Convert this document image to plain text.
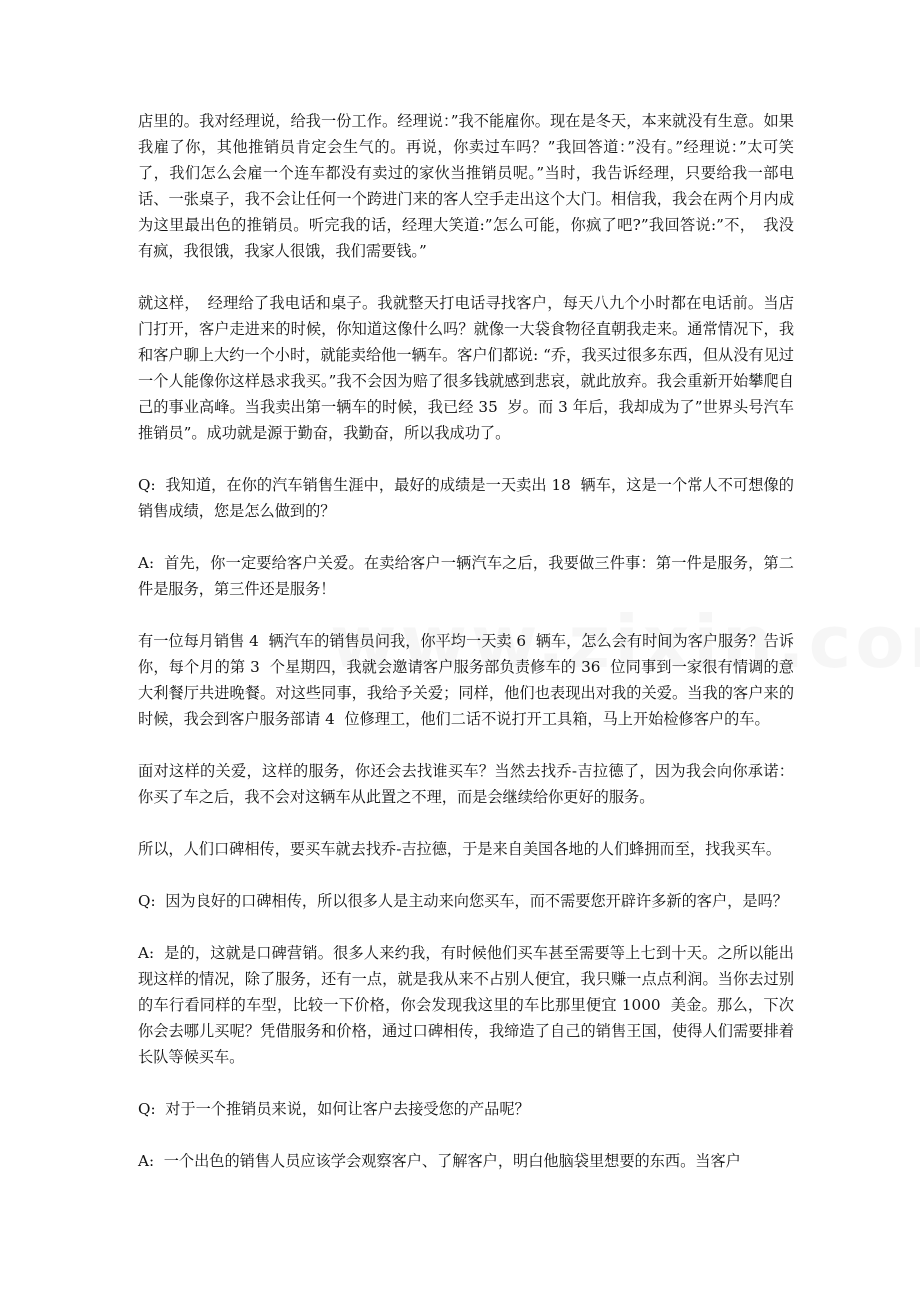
店里的。我对经理说，给我一份工作。经理说：”我不能雇你。现在是冬天，本来就没有生意。如果我雇了你，其他推销员肯定会生气的。再说，你卖过车吗？”我回答道：”没有。”经理说：”太可笑了，我们怎么会雇一个连车都没有卖过的家伙当推销员呢。”当时，我告诉经理，只要给我一部电话、一张桌子，我不会让任何一个跨进门来的客人空手走出这个大门。相信我，我会在两个月内成为这里最出色的推销员。听完我的话，经理大笑道:”怎么可能，你疯了吧?”我回答说:”不，　我没有疯，我很饿，我家人很饿，我们需要钱。”

就这样，　经理给了我电话和桌子。我就整天打电话寻找客户，每天八九个小时都在电话前。当店门打开，客户走进来的时候，你知道这像什么吗？就像一大袋食物径直朝我走来。通常情况下，我和客户聊上大约一个小时，就能卖给他一辆车。客户们都说: “乔，我买过很多东西，但从没有见过一个人能像你这样恳求我买。”我不会因为赔了很多钱就感到悲哀，就此放弃。我会重新开始攀爬自己的事业高峰。当我卖出第一辆车的时候，我已经 35  岁。而 3 年后，我却成为了”世界头号汽车推销员”。成功就是源于勤奋，我勤奋，所以我成功了。

Q:  我知道，在你的汽车销售生涯中，最好的成绩是一天卖出 18  辆车，这是一个常人不可想像的销售成绩，您是怎么做到的？

A:  首先，你一定要给客户关爱。在卖给客户一辆汽车之后，我要做三件事：第一件是服务，第二件是服务，第三件还是服务！

有一位每月销售 4  辆汽车的销售员问我，你平均一天卖 6  辆车，怎么会有时间为客户服务？告诉你，每个月的第 3  个星期四，我就会邀请客户服务部负责修车的 36  位同事到一家很有情调的意大利餐厅共进晚餐。对这些同事，我给予关爱；同样，他们也表现出对我的关爱。当我的客户来的时候，我会到客户服务部请 4  位修理工，他们二话不说打开工具箱，马上开始检修客户的车。

面对这样的关爱，这样的服务，你还会去找谁买车？当然去找乔-吉拉德了，因为我会向你承诺：你买了车之后，我不会对这辆车从此置之不理，而是会继续给你更好的服务。

所以，人们口碑相传，要买车就去找乔-吉拉德，于是来自美国各地的人们蜂拥而至，找我买车。

Q:  因为良好的口碑相传，所以很多人是主动来向您买车，而不需要您开辟许多新的客户，是吗？

A:  是的，这就是口碑营销。很多人来约我，有时候他们买车甚至需要等上七到十天。之所以能出现这样的情况，除了服务，还有一点，就是我从来不占别人便宜，我只赚一点点利润。当你去过别的车行看同样的车型，比较一下价格，你会发现我这里的车比那里便宜 1000  美金。那么，下次你会去哪儿买呢？凭借服务和价格，通过口碑相传，我缔造了自己的销售王国，使得人们需要排着长队等候买车。

Q:  对于一个推销员来说，如何让客户去接受您的产品呢？

A:  一个出色的销售人员应该学会观察客户、了解客户，明白他脑袋里想要的东西。当客户
